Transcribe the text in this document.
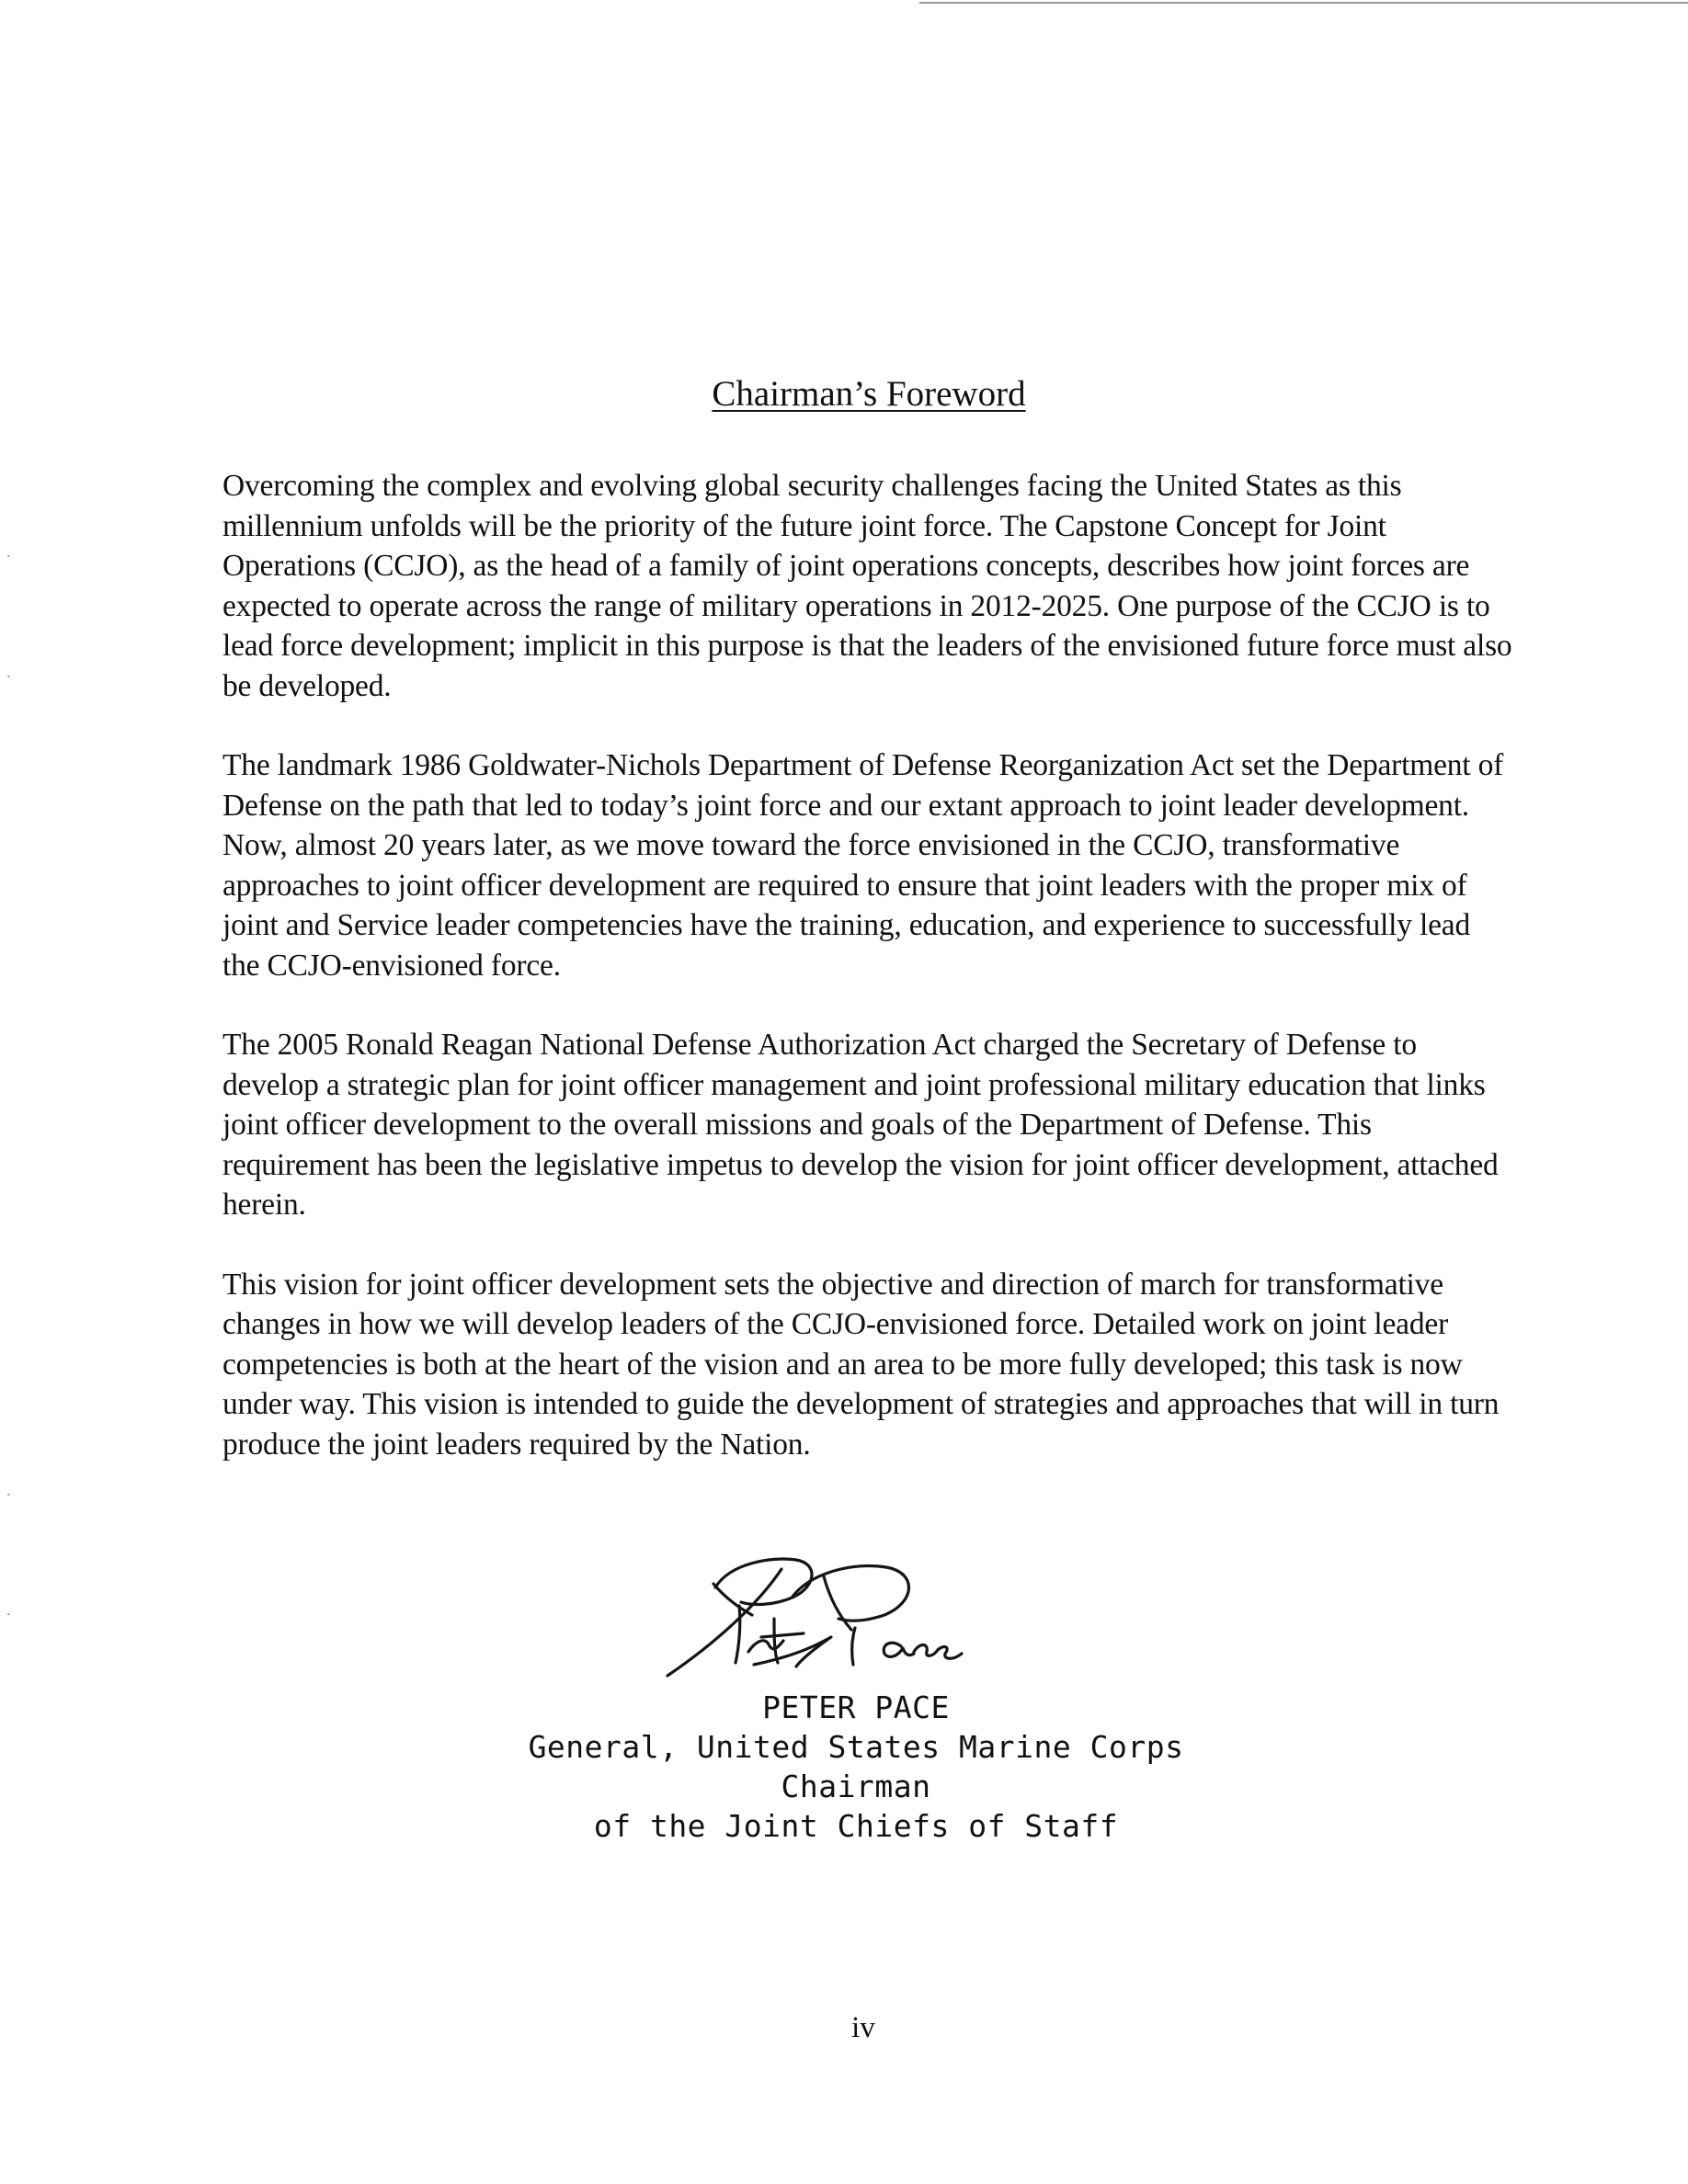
Chairman’s Foreword

Overcoming the complex and evolving global security challenges facing the United States as this millennium unfolds will be the priority of the future joint force. The Capstone Concept for Joint Operations (CCJO), as the head of a family of joint operations concepts, describes how joint forces are expected to operate across the range of military operations in 2012-2025. One purpose of the CCJO is to lead force development; implicit in this purpose is that the leaders of the envisioned future force must also be developed.

The landmark 1986 Goldwater-Nichols Department of Defense Reorganization Act set the Department of Defense on the path that led to today’s joint force and our extant approach to joint leader development. Now, almost 20 years later, as we move toward the force envisioned in the CCJO, transformative approaches to joint officer development are required to ensure that joint leaders with the proper mix of joint and Service leader competencies have the training, education, and experience to successfully lead the CCJO-envisioned force.

The 2005 Ronald Reagan National Defense Authorization Act charged the Secretary of Defense to develop a strategic plan for joint officer management and joint professional military education that links joint officer development to the overall missions and goals of the Department of Defense. This requirement has been the legislative impetus to develop the vision for joint officer development, attached herein.

This vision for joint officer development sets the objective and direction of march for transformative changes in how we will develop leaders of the CCJO-envisioned force. Detailed work on joint leader competencies is both at the heart of the vision and an area to be more fully developed; this task is now under way. This vision is intended to guide the development of strategies and approaches that will in turn produce the joint leaders required by the Nation.

PETER PACE
General, United States Marine Corps
Chairman
of the Joint Chiefs of Staff
iv
